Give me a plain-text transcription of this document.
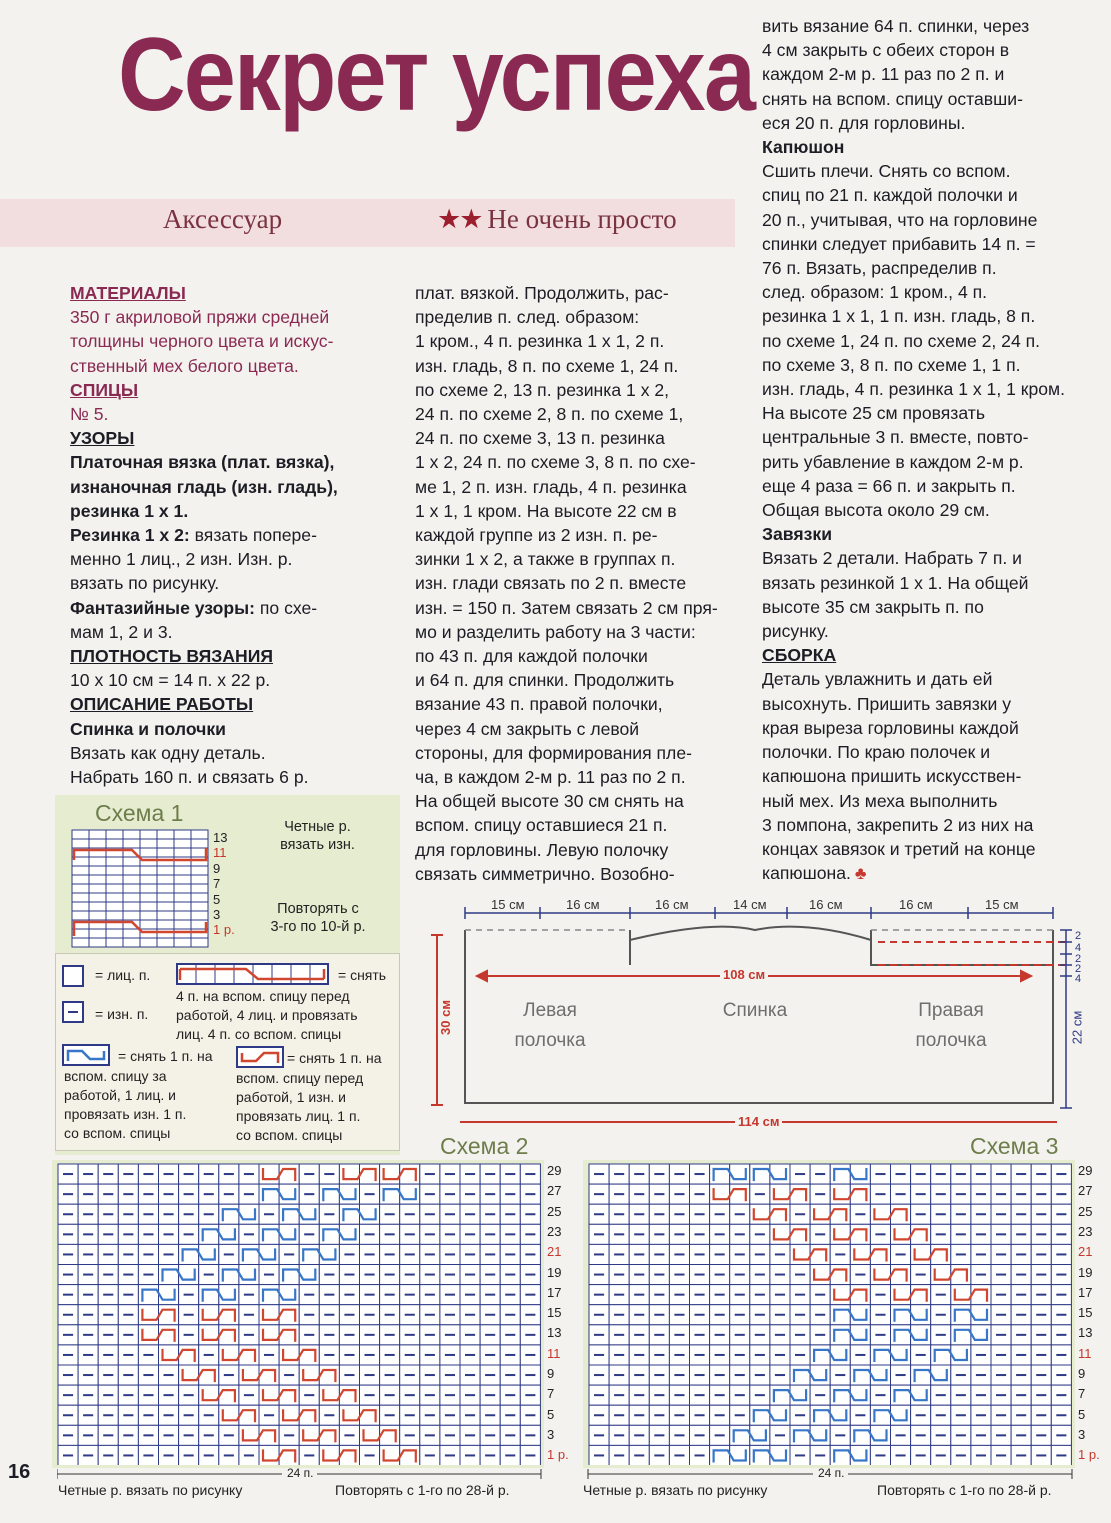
Секрет успеха
Аксессуар	★★ Не очень просто

МАТЕРИАЛЫ

350 г акриловой пряжи средней

толщины черного цвета и искус-

ственный мех белого цвета.

СПИЦЫ

№ 5.

УЗОРЫ

Платочная вязка (плат. вязка),

изнаночная гладь (изн. гладь),

резинка 1 х 1.

Резинка 1 х 2: вязать попере-

менно 1 лиц., 2 изн. Изн. р.

вязать по рисунку.

Фантазийные узоры: по схе-

мам 1, 2 и 3.

ПЛОТНОСТЬ ВЯЗАНИЯ

10 х 10 см = 14 п. х 22 р.

ОПИСАНИЕ РАБОТЫ

Спинка и полочки

Вязать как одну деталь.

Набрать 160 п. и связать 6 р.

плат. вязкой. Продолжить, рас-

пределив п. след. образом:

1 кром., 4 п. резинка 1 х 1, 2 п.

изн. гладь, 8 п. по схеме 1, 24 п.

по схеме 2, 13 п. резинка 1 х 2,

24 п. по схеме 2, 8 п. по схеме 1,

24 п. по схеме 3, 13 п. резинка

1 х 2, 24 п. по схеме 3, 8 п. по схе-

ме 1, 2 п. изн. гладь, 4 п. резинка

1 х 1, 1 кром. На высоте 22 см в

каждой группе из 2 изн. п. ре-

зинки 1 х 2, а также в группах п.

изн. глади связать по 2 п. вместе

изн. = 150 п. Затем связать 2 см пря-

мо и разделить работу на 3 части:

по 43 п. для каждой полочки

и 64 п. для спинки. Продолжить

вязание 43 п. правой полочки,

через 4 см закрыть с левой

стороны, для формирования пле-

ча, в каждом 2-м р. 11 раз по 2 п.

На общей высоте 30 см снять на

вспом. спицу оставшиеся 21 п.

для горловины. Левую полочку

связать симметрично. Возобно-

вить вязание 64 п. спинки, через

4 см закрыть с обеих сторон в

каждом 2-м р. 11 раз по 2 п. и

снять на вспом. спицу оставши-

еся 20 п. для горловины.

Капюшон

Сшить плечи. Снять со вспом.

спиц по 21 п. каждой полочки и

20 п., учитывая, что на горловине

спинки следует прибавить 14 п. =

76 п. Вязать, распределив п.

след. образом: 1 кром., 4 п.

резинка 1 х 1, 1 п. изн. гладь, 8 п.

по схеме 1, 24 п. по схеме 2, 24 п.

по схеме 3, 8 п. по схеме 1, 1 п.

изн. гладь, 4 п. резинка 1 х 1, 1 кром.

На высоте 25 см провязать

центральные 3 п. вместе, повто-

рить убавление в каждом 2-м р.

еще 4 раза = 66 п. и закрыть п.

Общая высота около 29 см.

Завязки

Вязать 2 детали. Набрать 7 п. и

вязать резинкой 1 х 1. На общей

высоте 35 см закрыть п. по

рисунку.

СБОРКА

Деталь увлажнить и дать ей

высохнуть. Пришить завязки у

края выреза горловины каждой

полочки. По краю полочек и

капюшона пришить искусствен-

ный мех. Из меха выполнить

3 помпона, закрепить 2 из них на

концах завязок и третий на конце

капюшона. ♣
Схема 1
13
11
9
7
5
3
1 р.
Четные р.
вязать изн.
Повторять с
3-го по 10-й р.
= лиц. п.
= изн. п.
= снять
4 п. на вспом. спицу перед
работой, 4 лиц. и провязать
лиц. 4 п. со вспом. спицы
= снять 1 п. на
вспом. спицу за
работой, 1 лиц. и
провязать изн. 1 п.
со вспом. спицы
= снять 1 п. на
вспом. спицу перед
работой, 1 изн. и
провязать лиц. 1 п.
со вспом. спицы
15 см	16 см	16 см	14 см	16 см	16 см	15 см
108 см
114 см
30 см	22 см
2
4
2
2
4
Левая
полочка
Спинка	Правая
полочка
Схема 2	Схема 3
29
27
25
23
21
19
17
15
13
11
9
7
5
3
1 р.
29
27
25
23
21
19
17
15
13
11
9
7
5
3
1 р.
24 п.	24 п.
Четные р. вязать по рисунку	Повторять с 1-го по 28-й р.	Четные р. вязать по рисунку	Повторять с 1-го по 28-й р.
16
